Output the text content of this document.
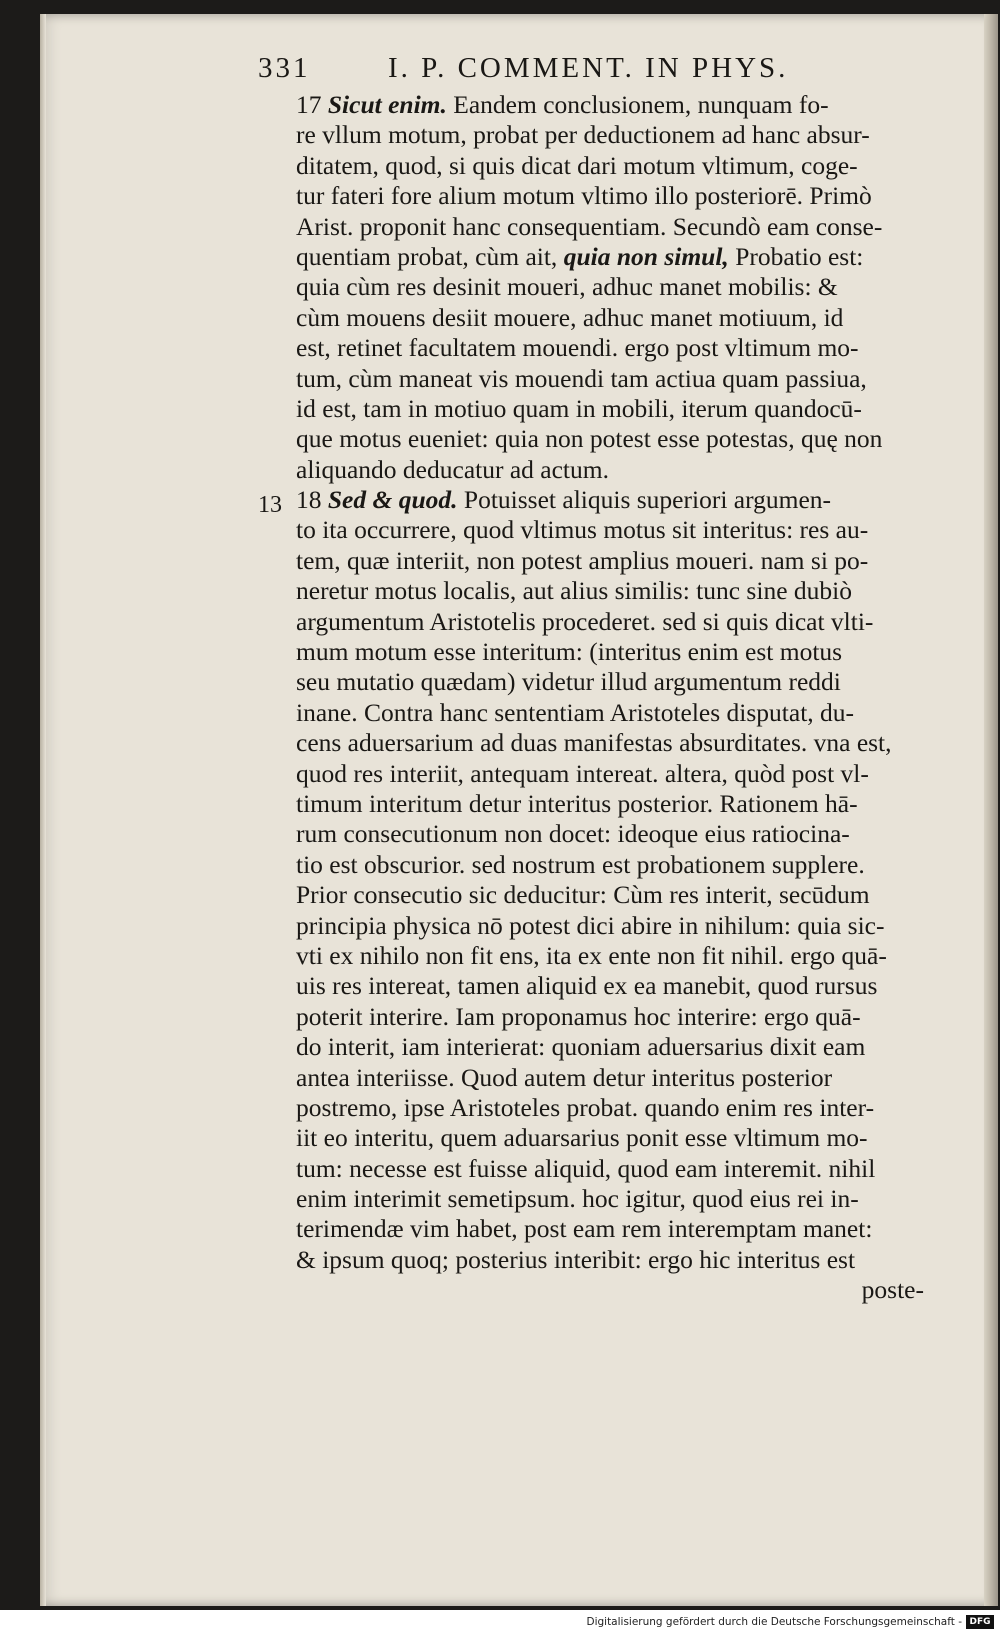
331	I. P. COMMENT. IN PHYS.
13
17 Sicut enim. Eandem conclusionem, nunquam fo-
re vllum motum, probat per deductionem ad hanc absur-
ditatem, quod, si quis dicat dari motum vltimum, coge-
tur fateri fore alium motum vltimo illo posteriorē. Primò
Arist. proponit hanc consequentiam. Secundò eam conse-
quentiam probat, cùm ait, quia non simul, Probatio est:
quia cùm res desinit moueri, adhuc manet mobilis: &
cùm mouens desiit mouere, adhuc manet motiuum, id
est, retinet facultatem mouendi. ergo post vltimum mo-
tum, cùm maneat vis mouendi tam actiua quam passiua,
id est, tam in motiuo quam in mobili, iterum quandocū-
que motus eueniet: quia non potest esse potestas, quę non
aliquando deducatur ad actum.
18 Sed & quod. Potuisset aliquis superiori argumen-
to ita occurrere, quod vltimus motus sit interitus: res au-
tem, quæ interiit, non potest amplius moueri. nam si po-
neretur motus localis, aut alius similis: tunc sine dubiò
argumentum Aristotelis procederet. sed si quis dicat vlti-
mum motum esse interitum: (interitus enim est motus
seu mutatio quædam) videtur illud argumentum reddi
inane. Contra hanc sententiam Aristoteles disputat, du-
cens aduersarium ad duas manifestas absurditates. vna est,
quod res interiit, antequam intereat. altera, quòd post vl-
timum interitum detur interitus posterior. Rationem hā-
rum consecutionum non docet: ideoque eius ratiocina-
tio est obscurior. sed nostrum est probationem supplere.
Prior consecutio sic deducitur: Cùm res interit, secūdum
principia physica nō potest dici abire in nihilum: quia sic-
vti ex nihilo non fit ens, ita ex ente non fit nihil. ergo quā-
uis res intereat, tamen aliquid ex ea manebit, quod rursus
poterit interire. Iam proponamus hoc interire: ergo quā-
do interit, iam interierat: quoniam aduersarius dixit eam
antea interiisse. Quod autem detur interitus posterior
postremo, ipse Aristoteles probat. quando enim res inter-
iit eo interitu, quem aduarsarius ponit esse vltimum mo-
tum: necesse est fuisse aliquid, quod eam interemit. nihil
enim interimit semetipsum. hoc igitur, quod eius rei in-
terimendæ vim habet, post eam rem interemptam manet:
& ipsum quoq; posterius interibit: ergo hic interitus est
poste-
Digitalisierung gefördert durch die Deutsche Forschungsgemeinschaft - DFG
